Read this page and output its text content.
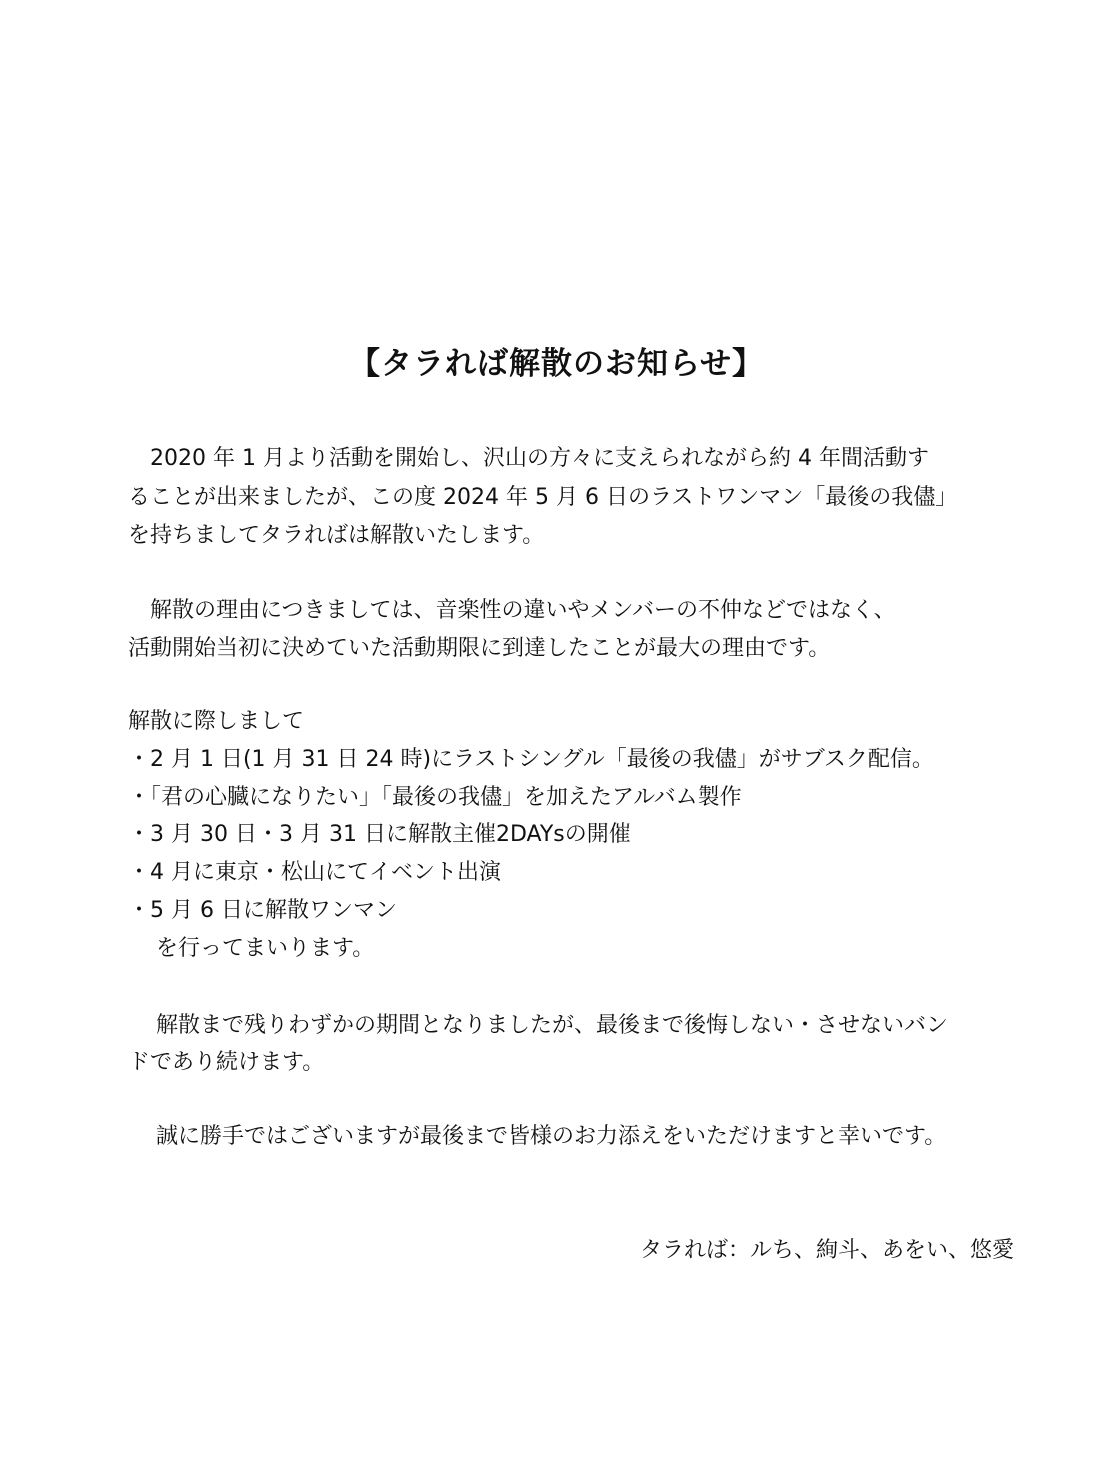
【タラれば解散のお知らせ】
　2020 年 1 月より活動を開始し、沢山の方々に支えられながら約 4 年間活動す
ることが出来ましたが、この度 2024 年 5 月 6 日のラストワンマン「最後の我儘」
を持ちましてタラればは解散いたします。
　解散の理由につきましては、音楽性の違いやメンバーの不仲などではなく、
活動開始当初に決めていた活動期限に到達したことが最大の理由です。
解散に際しまして
・2 月 1 日(1 月 31 日 24 時)にラストシングル「最後の我儘」がサブスク配信。
・「君の心臓になりたい」「最後の我儘」を加えたアルバム製作
・3 月 30 日・3 月 31 日に解散主催2DAYsの開催
・4 月に東京・松山にてイベント出演
・5 月 6 日に解散ワンマン
　を行ってまいります。
　解散まで残りわずかの期間となりましたが、最後まで後悔しない・させないバン
ドであり続けます。
　誠に勝手ではございますが最後まで皆様のお力添えをいただけますと幸いです。
タラれば：ルち、絢斗、あをい、悠愛
